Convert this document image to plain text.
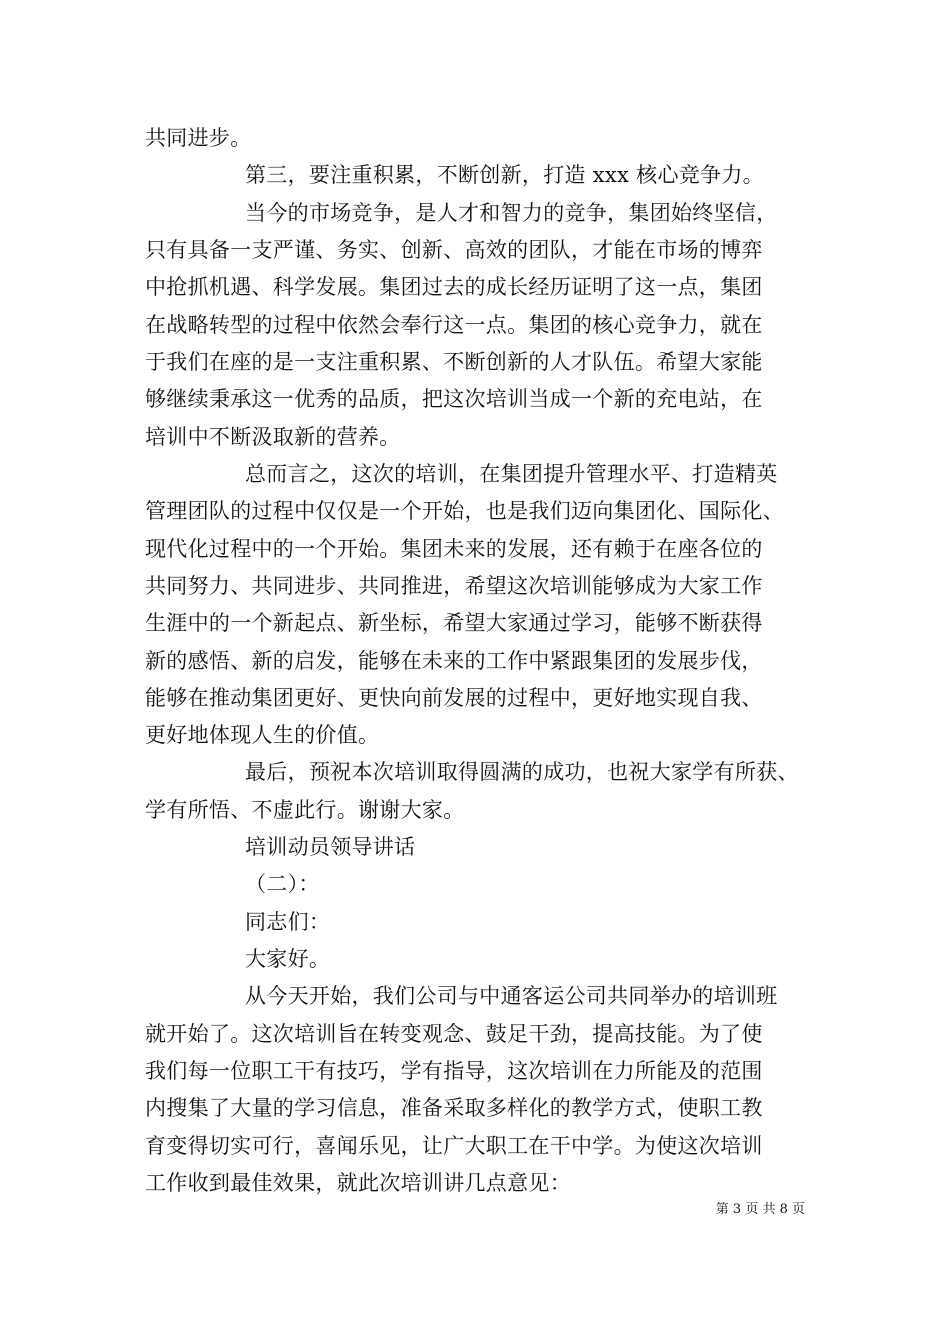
共同进步。
第三，要注重积累，不断创新，打造 xxx 核心竞争力。
当今的市场竞争，是人才和智力的竞争，集团始终坚信，
只有具备一支严谨、务实、创新、高效的团队，才能在市场的博弈
中抢抓机遇、科学发展。集团过去的成长经历证明了这一点，集团
在战略转型的过程中依然会奉行这一点。集团的核心竞争力，就在
于我们在座的是一支注重积累、不断创新的人才队伍。希望大家能
够继续秉承这一优秀的品质，把这次培训当成一个新的充电站，在
培训中不断汲取新的营养。
总而言之，这次的培训，在集团提升管理水平、打造精英
管理团队的过程中仅仅是一个开始，也是我们迈向集团化、国际化、
现代化过程中的一个开始。集团未来的发展，还有赖于在座各位的
共同努力、共同进步、共同推进，希望这次培训能够成为大家工作
生涯中的一个新起点、新坐标，希望大家通过学习，能够不断获得
新的感悟、新的启发，能够在未来的工作中紧跟集团的发展步伐，
能够在推动集团更好、更快向前发展的过程中，更好地实现自我、
更好地体现人生的价值。
最后，预祝本次培训取得圆满的成功，也祝大家学有所获、
学有所悟、不虚此行。谢谢大家。
培训动员领导讲话
（二）：
同志们：
大家好。
从今天开始，我们公司与中通客运公司共同举办的培训班
就开始了。这次培训旨在转变观念、鼓足干劲，提高技能。为了使
我们每一位职工干有技巧，学有指导，这次培训在力所能及的范围
内搜集了大量的学习信息，准备采取多样化的教学方式，使职工教
育变得切实可行，喜闻乐见，让广大职工在干中学。为使这次培训
工作收到最佳效果，就此次培训讲几点意见：
第 3 页 共 8 页
